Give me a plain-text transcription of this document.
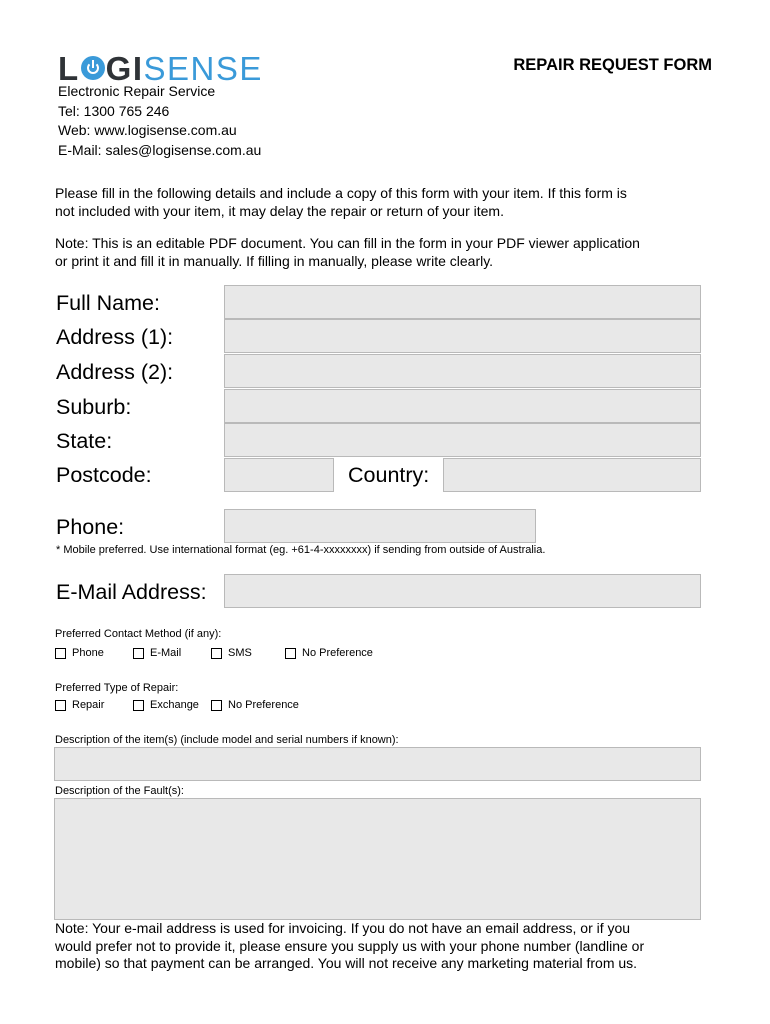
L GI SENSE	REPAIR REQUEST FORM
Electronic Repair Service
Tel: 1300 765 246
Web: www.logisense.com.au
E-Mail: sales@logisense.com.au
Please fill in the following details and include a copy of this form with your item. If this form is
not included with your item, it may delay the repair or return of your item.
Note: This is an editable PDF document. You can fill in the form in your PDF viewer application
or print it and fill it in manually. If filling in manually, please write clearly.
Full Name:
Address (1):
Address (2):
Suburb:
State:
Postcode:	Country:
Phone:
* Mobile preferred. Use international format (eg. +61-4-xxxxxxxx) if sending from outside of Australia.
E-Mail Address:
Preferred Contact Method (if any):
Phone	E-Mail	SMS	No Preference
Preferred Type of Repair:
Repair	Exchange	No Preference
Description of the item(s) (include model and serial numbers if known):
Description of the Fault(s):
Note: Your e-mail address is used for invoicing. If you do not have an email address, or if you
would prefer not to provide it, please ensure you supply us with your phone number (landline or
mobile) so that payment can be arranged. You will not receive any marketing material from us.
